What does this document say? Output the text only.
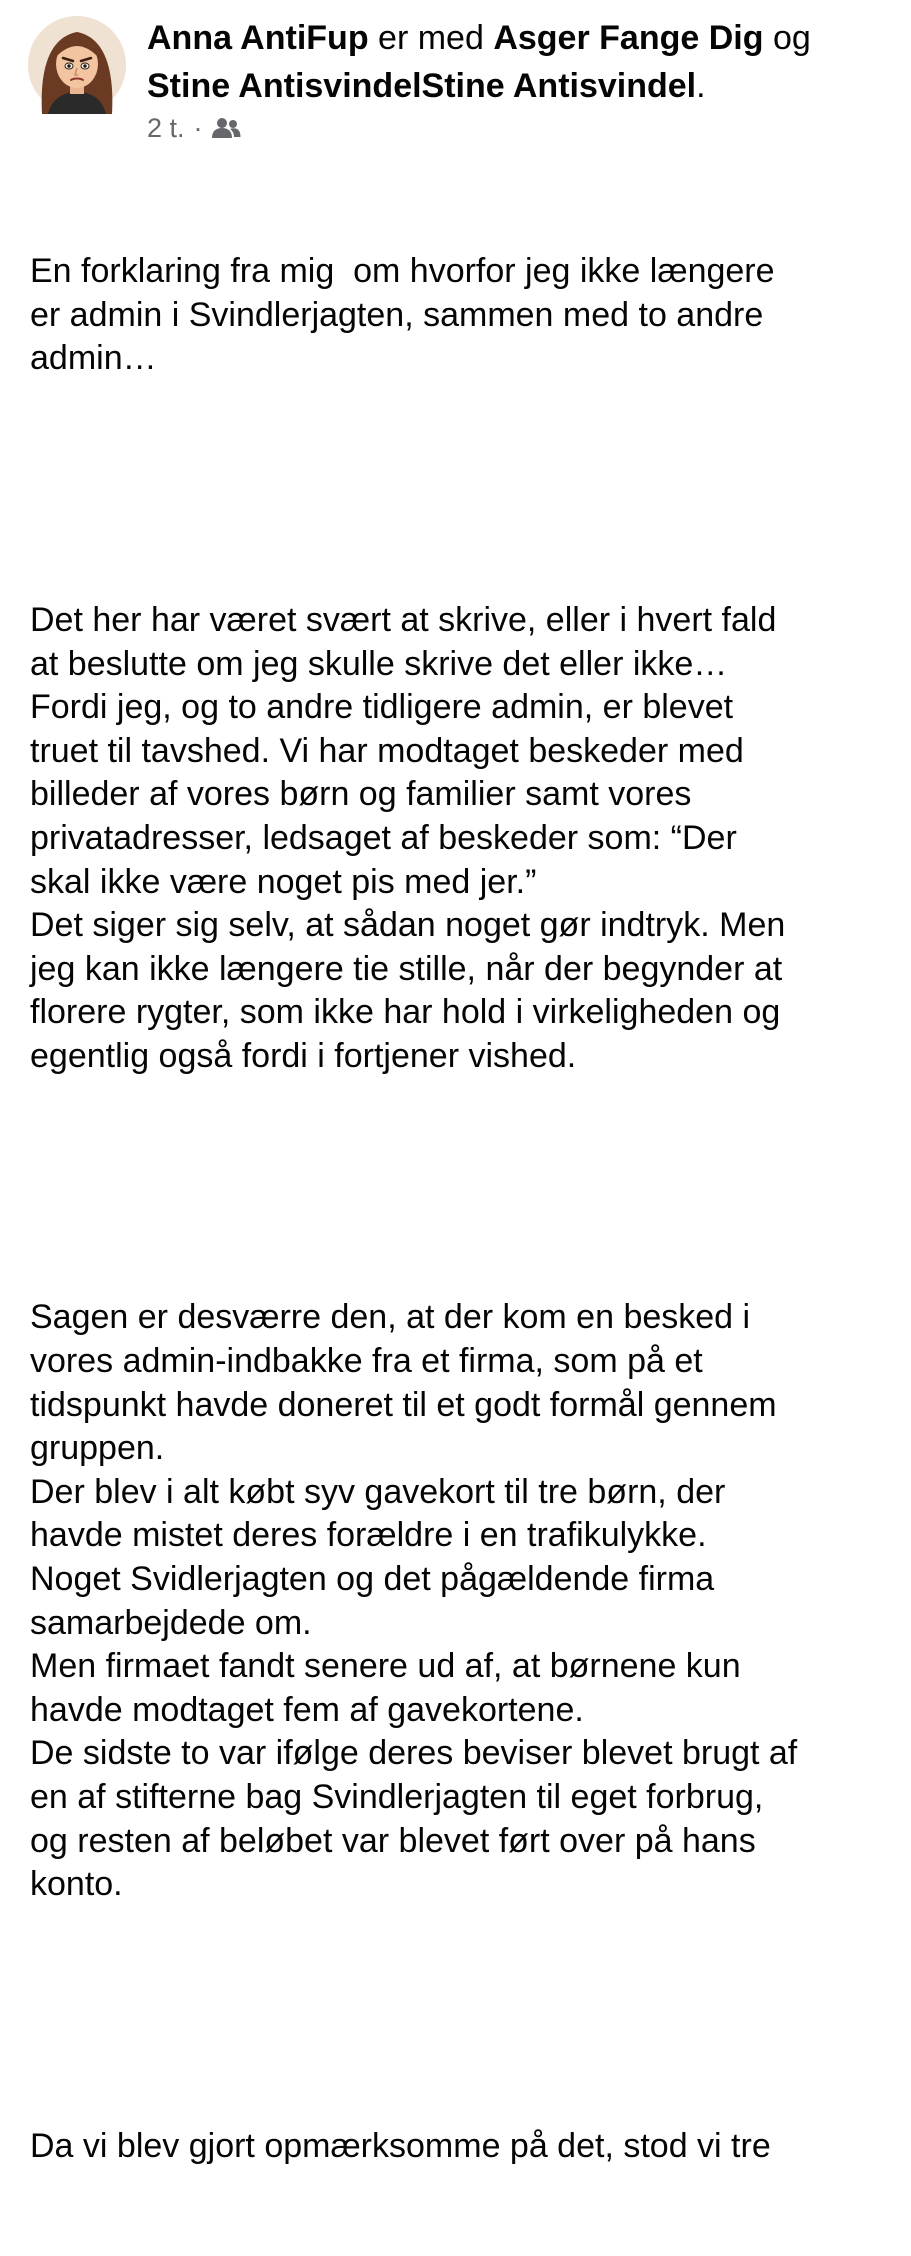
Anna AntiFup er med Asger Fange Dig og
Stine AntisvindelStine Antisvindel.
2 t. ·

En forklaring fra mig  om hvorfor jeg ikke længere
er admin i Svindlerjagten, sammen med to andre
admin…

Det her har været svært at skrive, eller i hvert fald
at beslutte om jeg skulle skrive det eller ikke…
Fordi jeg, og to andre tidligere admin, er blevet
truet til tavshed. Vi har modtaget beskeder med
billeder af vores børn og familier samt vores
privatadresser, ledsaget af beskeder som: “Der
skal ikke være noget pis med jer.”
Det siger sig selv, at sådan noget gør indtryk. Men
jeg kan ikke længere tie stille, når der begynder at
florere rygter, som ikke har hold i virkeligheden og
egentlig også fordi i fortjener vished.

Sagen er desværre den, at der kom en besked i
vores admin-indbakke fra et firma, som på et
tidspunkt havde doneret til et godt formål gennem
gruppen.
Der blev i alt købt syv gavekort til tre børn, der
havde mistet deres forældre i en trafikulykke.
Noget Svidlerjagten og det pågældende firma
samarbejdede om.
Men firmaet fandt senere ud af, at børnene kun
havde modtaget fem af gavekortene.
De sidste to var ifølge deres beviser blevet brugt af
en af stifterne bag Svindlerjagten til eget forbrug,
og resten af beløbet var blevet ført over på hans
konto.

Da vi blev gjort opmærksomme på det, stod vi tre
